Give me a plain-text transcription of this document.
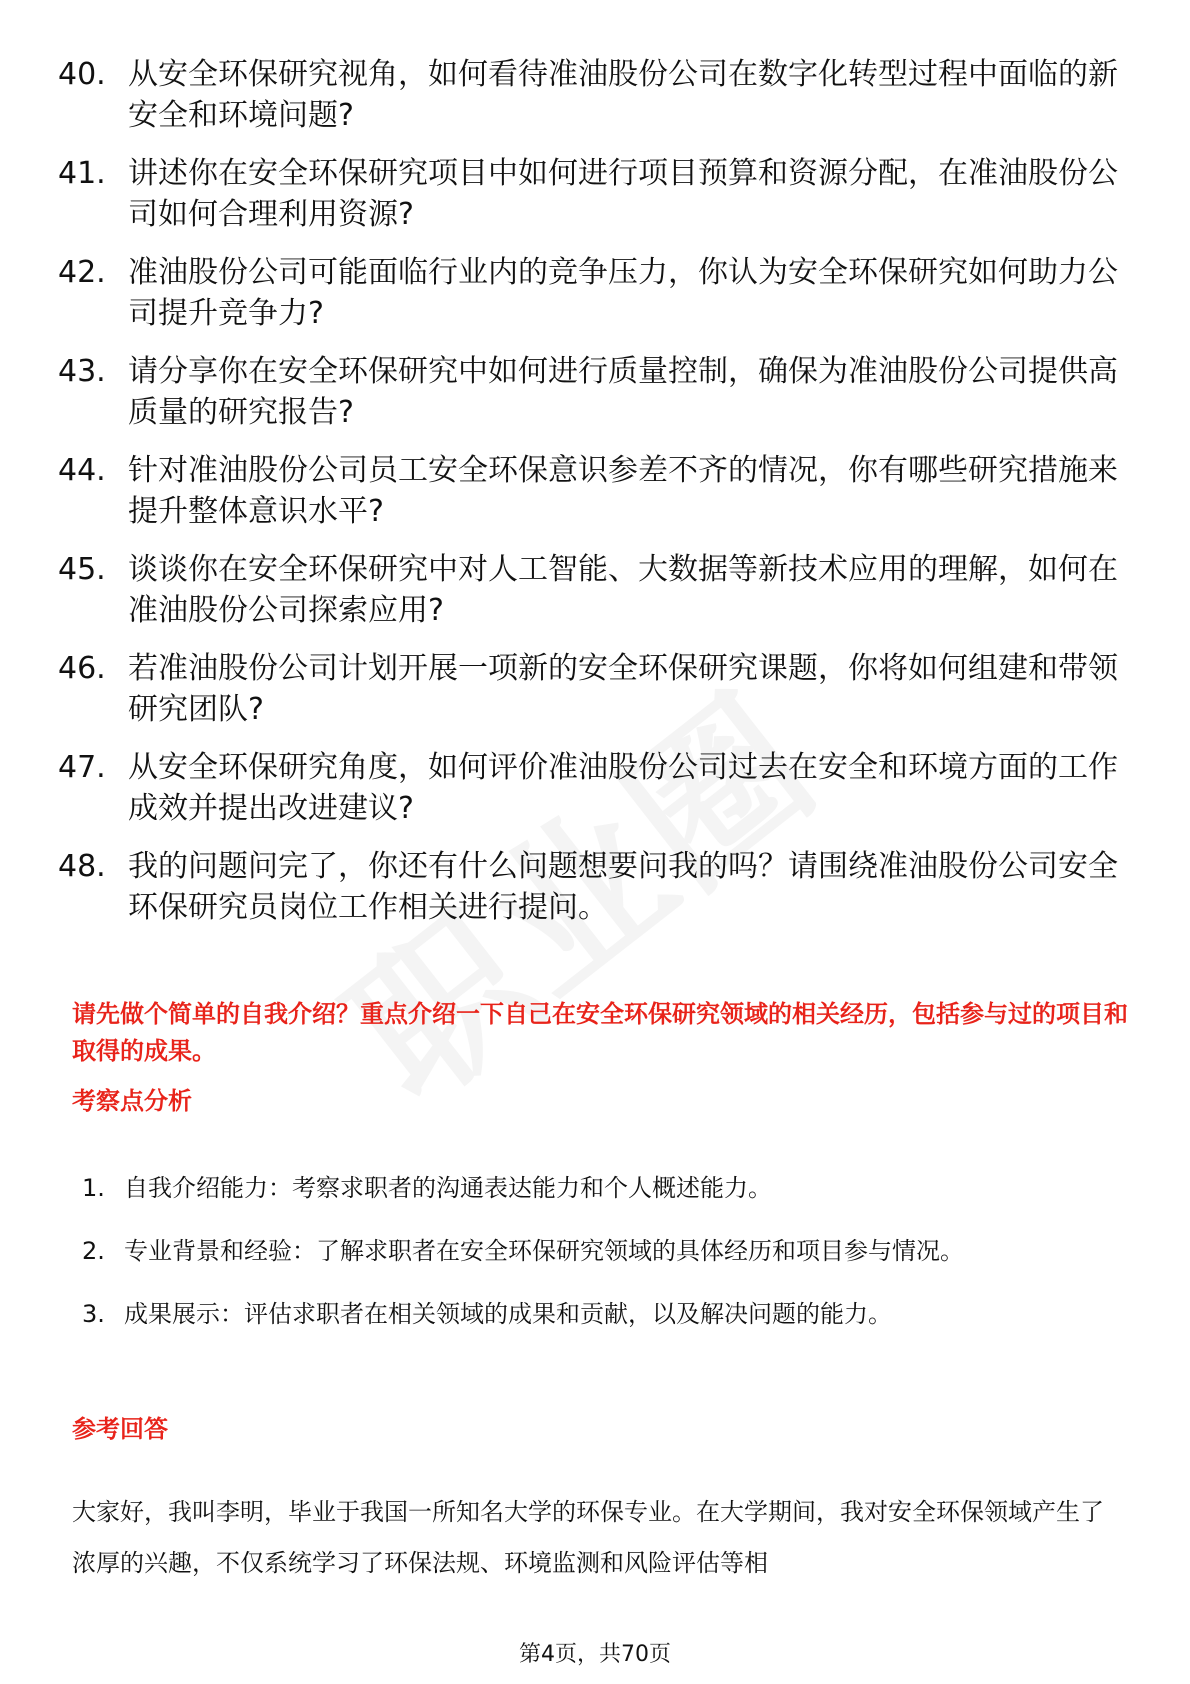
40. 从安全环保研究视角，如何看待准油股份公司在数字化转型过程中面临的新安全和环境问题?
41. 讲述你在安全环保研究项目中如何进行项目预算和资源分配，在准油股份公司如何合理利用资源?
42. 准油股份公司可能面临行业内的竞争压力，你认为安全环保研究如何助力公司提升竞争力?
43. 请分享你在安全环保研究中如何进行质量控制，确保为准油股份公司提供高质量的研究报告?
44. 针对准油股份公司员工安全环保意识参差不齐的情况，你有哪些研究措施来提升整体意识水平?
45. 谈谈你在安全环保研究中对人工智能、大数据等新技术应用的理解，如何在准油股份公司探索应用?
46. 若准油股份公司计划开展一项新的安全环保研究课题，你将如何组建和带领研究团队?
47. 从安全环保研究角度，如何评价准油股份公司过去在安全和环境方面的工作成效并提出改进建议?
48. 我的问题问完了，你还有什么问题想要问我的吗？请围绕准油股份公司安全环保研究员岗位工作相关进行提问。

请先做个简单的自我介绍？重点介绍一下自己在安全环保研究领域的相关经历，包括参与过的项目和取得的成果。

考察点分析
1. 自我介绍能力：考察求职者的沟通表达能力和个人概述能力。
2. 专业背景和经验：了解求职者在安全环保研究领域的具体经历和项目参与情况。
3. 成果展示：评估求职者在相关领域的成果和贡献，以及解决问题的能力。
参考回答

大家好，我叫李明，毕业于我国一所知名大学的环保专业。在大学期间，我对安全环保领域产生了浓厚的兴趣，不仅系统学习了环保法规、环境监测和风险评估等相

第4页，共70页
